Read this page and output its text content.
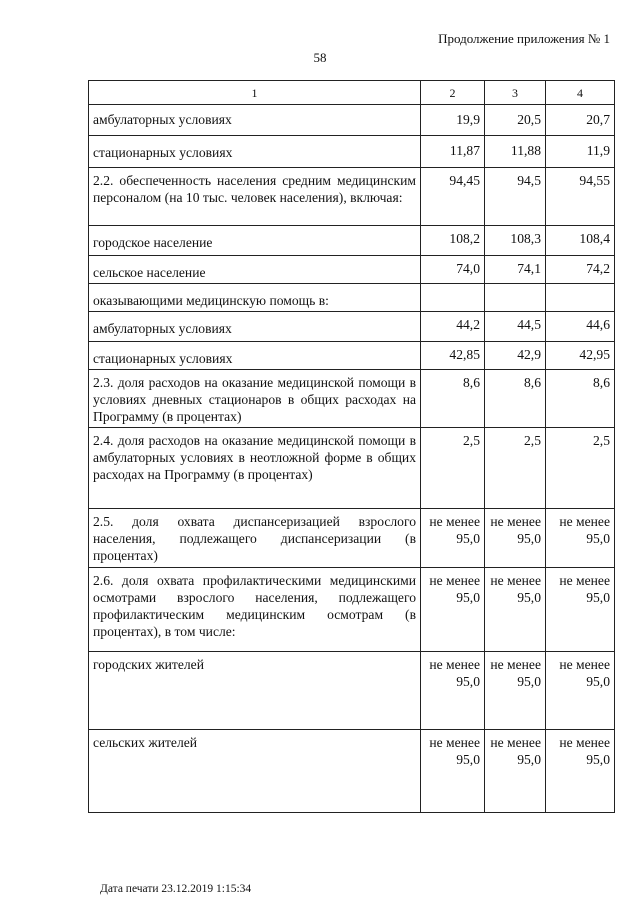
Продолжение приложения № 1
58
1	2	3	4
амбулаторных условиях	19,9	20,5	20,7
стационарных условиях	11,87	11,88	11,9
2.2. обеспеченность населения средним медицинским персоналом (на 10 тыс. человек населения), включая:	94,45	94,5	94,55
городское население	108,2	108,3	108,4
сельское население	74,0	74,1	74,2
оказывающими медицинскую помощь в:			
амбулаторных условиях	44,2	44,5	44,6
стационарных условиях	42,85	42,9	42,95
2.3. доля расходов на оказание медицинской помощи в условиях дневных стационаров в общих расходах на Программу (в процентах)	8,6	8,6	8,6
2.4. доля расходов на оказание медицинской помощи в амбулаторных условиях в неотложной форме в общих расходах на Программу (в процентах)	2,5	2,5	2,5
2.5. доля охвата диспансеризацией взрослого населения, подлежащего диспансеризации (в процентах)	не менее 95,0	не менее 95,0	не менее 95,0
2.6. доля охвата профилактическими медицинскими осмотрами взрослого населения, подлежащего профилактическим медицинским осмотрам (в процентах), в том числе:	не менее 95,0	не менее 95,0	не менее 95,0
городских жителей	не менее 95,0	не менее 95,0	не менее 95,0
сельских жителей	не менее 95,0	не менее 95,0	не менее 95,0
Дата печати 23.12.2019 1:15:34
